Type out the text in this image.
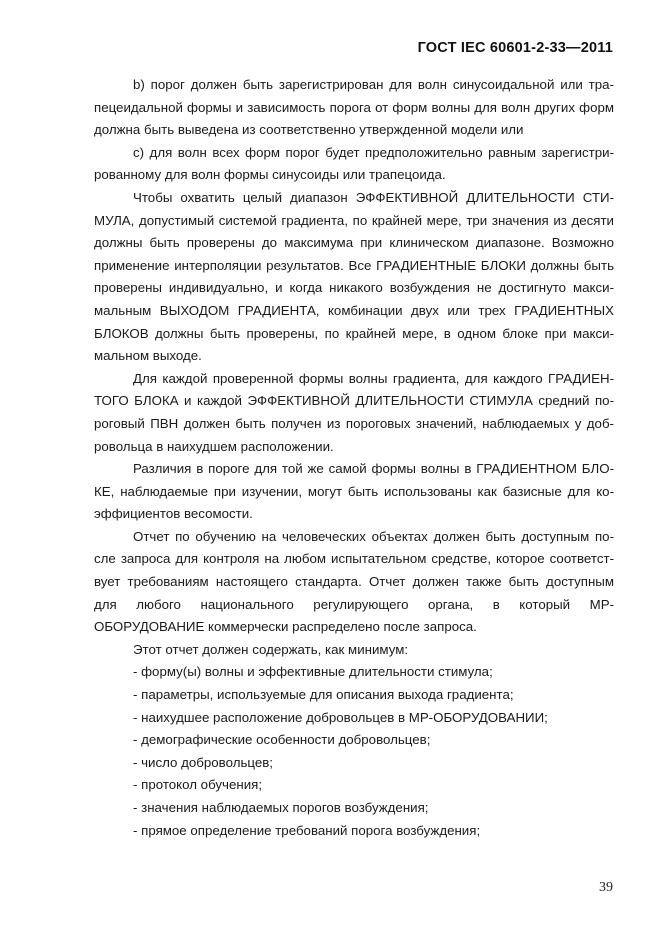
ГОСТ IEC 60601-2-33—2011

b) порог должен быть зарегистрирован для волн синусоидальной или тра-
пецеидальной формы и зависимость порога от форм волны для волн других форм
должна быть выведена из соответственно утвержденной модели или

c) для волн всех форм порог будет предположительно равным зарегистри-
рованному для волн формы синусоиды или трапецоида.

Чтобы охватить целый диапазон ЭФФЕКТИВНОЙ ДЛИТЕЛЬНОСТИ СТИ-
МУЛА, допустимый системой градиента, по крайней мере, три значения из десяти
должны быть проверены до максимума при клиническом диапазоне. Возможно
применение интерполяции результатов. Все ГРАДИЕНТНЫЕ БЛОКИ должны быть
проверены индивидуально, и когда никакого возбуждения не достигнуто макси-
мальным ВЫХОДОМ ГРАДИЕНТА, комбинации двух или трех ГРАДИЕНТНЫХ
БЛОКОВ должны быть проверены, по крайней мере, в одном блоке при макси-
мальном выходе.

Для каждой проверенной формы волны градиента, для каждого ГРАДИЕН-
ТОГО БЛОКА и каждой ЭФФЕКТИВНОЙ ДЛИТЕЛЬНОСТИ СТИМУЛА средний по-
роговый ПВН должен быть получен из пороговых значений, наблюдаемых у доб-
ровольца в наихудшем расположении.

Различия в пороге для той же самой формы волны в ГРАДИЕНТНОМ БЛО-
КЕ, наблюдаемые при изучении, могут быть использованы как базисные для ко-
эффициентов весомости.

Отчет по обучению на человеческих объектах должен быть доступным по-
сле запроса для контроля на любом испытательном средстве, которое соответст-
вует требованиям настоящего стандарта. Отчет должен также быть доступным
для любого национального регулирующего органа, в который МР-
ОБОРУДОВАНИЕ коммерчески распределено после запроса.

Этот отчет должен содержать, как минимум:
- форму(ы) волны и эффективные длительности стимула;
- параметры, используемые для описания выхода градиента;
- наихудшее расположение добровольцев в МР-ОБОРУДОВАНИИ;
- демографические особенности добровольцев;
- число добровольцев;
- протокол обучения;
- значения наблюдаемых порогов возбуждения;
- прямое определение требований порога возбуждения;

39
